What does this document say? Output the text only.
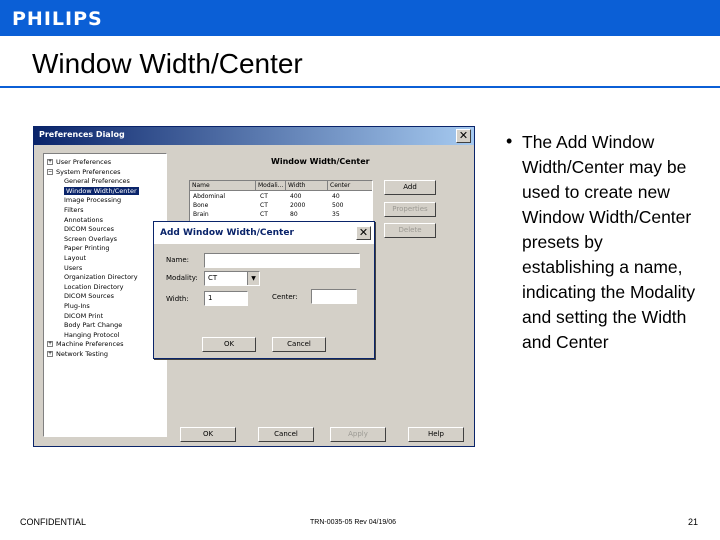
PHILIPS
Window Width/Center
Preferences Dialog	✕
+ User Preferences
− System Preferences
General Preferences
Window Width/Center
Image Processing
Filters
Annotations
DICOM Sources
Screen Overlays
Paper Printing
Layout
Users
Organization Directory
Location Directory
DICOM Sources
Plug-Ins
DICOM Print
Body Part Change
Hanging Protocol
+ Machine Preferences
+ Network Testing
Window Width/Center
Name	Modali... Width	Center
Abdominal	CT	400	40
Bone	CT	2000	500
Brain	CT	80	35
Add
Properties
Delete
OK	Cancel	Apply	Help
Add Window Width/Center	✕
Name:
Modality:	CT	▼
Width:	1	Center:
OK	Cancel
• The Add Window Width/Center may be used to create new Window Width/Center presets by establishing a name, indicating the Modality and setting the Width and Center
CONFIDENTIAL	TRN-0035-05 Rev 04/19/06	21
